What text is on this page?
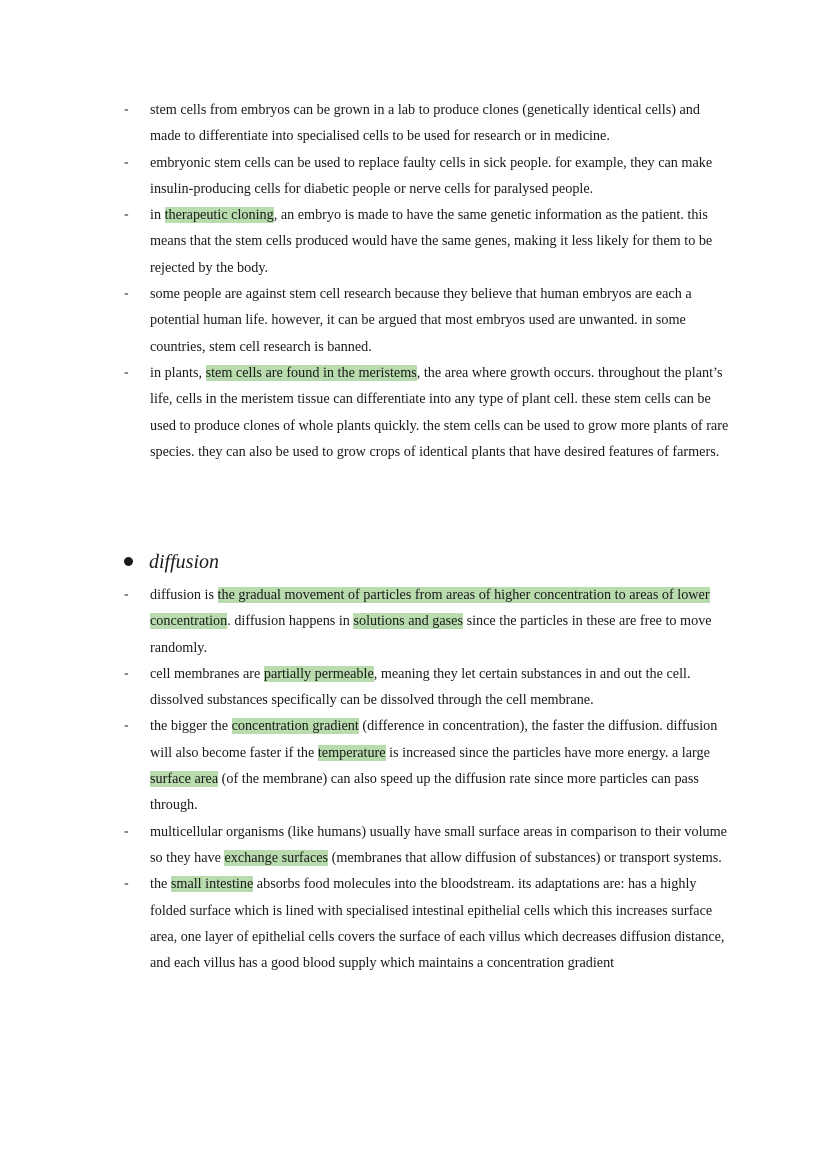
- stem cells from embryos can be grown in a lab to produce clones (genetically identical cells) and made to differentiate into specialised cells to be used for research or in medicine.

- embryonic stem cells can be used to replace faulty cells in sick people. for example, they can make insulin-producing cells for diabetic people or nerve cells for paralysed people.

- in therapeutic cloning, an embryo is made to have the same genetic information as the patient. this means that the stem cells produced would have the same genes, making it less likely for them to be rejected by the body.

- some people are against stem cell research because they believe that human embryos are each a potential human life. however, it can be argued that most embryos used are unwanted. in some countries, stem cell research is banned.

- in plants, stem cells are found in the meristems, the area where growth occurs. throughout the plant’s life, cells in the meristem tissue can differentiate into any type of plant cell. these stem cells can be used to produce clones of whole plants quickly. the stem cells can be used to grow more plants of rare species. they can also be used to grow crops of identical plants that have desired features of farmers.

diffusion
- diffusion is the gradual movement of particles from areas of higher concentration to areas of lower concentration. diffusion happens in solutions and gases since the particles in these are free to move randomly.

- cell membranes are partially permeable, meaning they let certain substances in and out the cell. dissolved substances specifically can be dissolved through the cell membrane.

- the bigger the concentration gradient (difference in concentration), the faster the diffusion. diffusion will also become faster if the temperature is increased since the particles have more energy. a large surface area (of the membrane) can also speed up the diffusion rate since more particles can pass through.

- multicellular organisms (like humans) usually have small surface areas in comparison to their volume so they have exchange surfaces (membranes that allow diffusion of substances) or transport systems.

- the small intestine absorbs food molecules into the bloodstream. its adaptations are: has a highly folded surface which is lined with specialised intestinal epithelial cells which this increases surface area, one layer of epithelial cells covers the surface of each villus which decreases diffusion distance, and each villus has a good blood supply which maintains a concentration gradient
